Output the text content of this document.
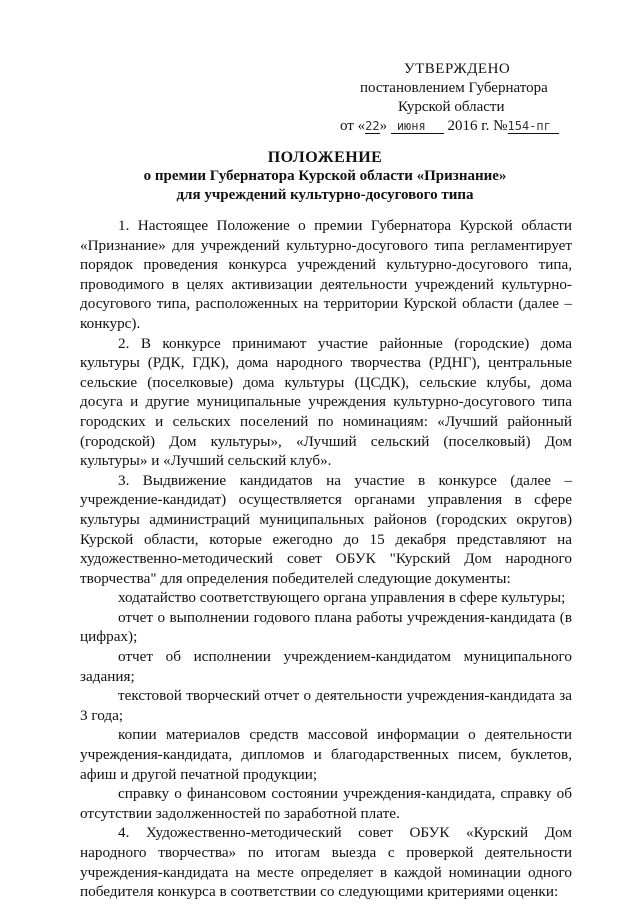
УТВЕРЖДЕНО
постановлением Губернатора
Курской области
от «22» июня 2016 г. №154-пг
ПОЛОЖЕНИЕ
о премии Губернатора Курской области «Признание»
для учреждений культурно-досугового типа

1. Настоящее Положение о премии Губернатора Курской области «Признание» для учреждений культурно-досугового типа регламентирует порядок проведения конкурса учреждений культурно-досугового типа, проводимого в целях активизации деятельности учреждений культурно-досугового типа, расположенных на территории Курской области (далее – конкурс).

2. В конкурсе принимают участие районные (городские) дома культуры (РДК, ГДК), дома народного творчества (РДНГ), центральные сельские (поселковые) дома культуры (ЦСДК), сельские клубы, дома досуга и другие муниципальные учреждения культурно-досугового типа городских и сельских поселений по номинациям: «Лучший районный (городской) Дом культуры», «Лучший сельский (поселковый) Дом культуры» и «Лучший сельский клуб».

3. Выдвижение кандидатов на участие в конкурсе (далее – учреждение-кандидат) осуществляется органами управления в сфере культуры администраций муниципальных районов (городских округов) Курской области, которые ежегодно до 15 декабря представляют на художественно-методический совет ОБУК "Курский Дом народного творчества" для определения победителей следующие документы:

ходатайство соответствующего органа управления в сфере культуры;

отчет о выполнении годового плана работы учреждения-кандидата (в цифрах);

отчет об исполнении учреждением-кандидатом муниципального задания;

текстовой творческий отчет о деятельности учреждения-кандидата за 3 года;

копии материалов средств массовой информации о деятельности учреждения-кандидата, дипломов и благодарственных писем, буклетов, афиш и другой печатной продукции;

справку о финансовом состоянии учреждения-кандидата, справку об отсутствии задолженностей по заработной плате.

4. Художественно-методический совет ОБУК «Курский Дом народного творчества» по итогам выезда с проверкой деятельности учреждения-кандидата на месте определяет в каждой номинации одного победителя конкурса в соответствии со следующими критериями оценки:
